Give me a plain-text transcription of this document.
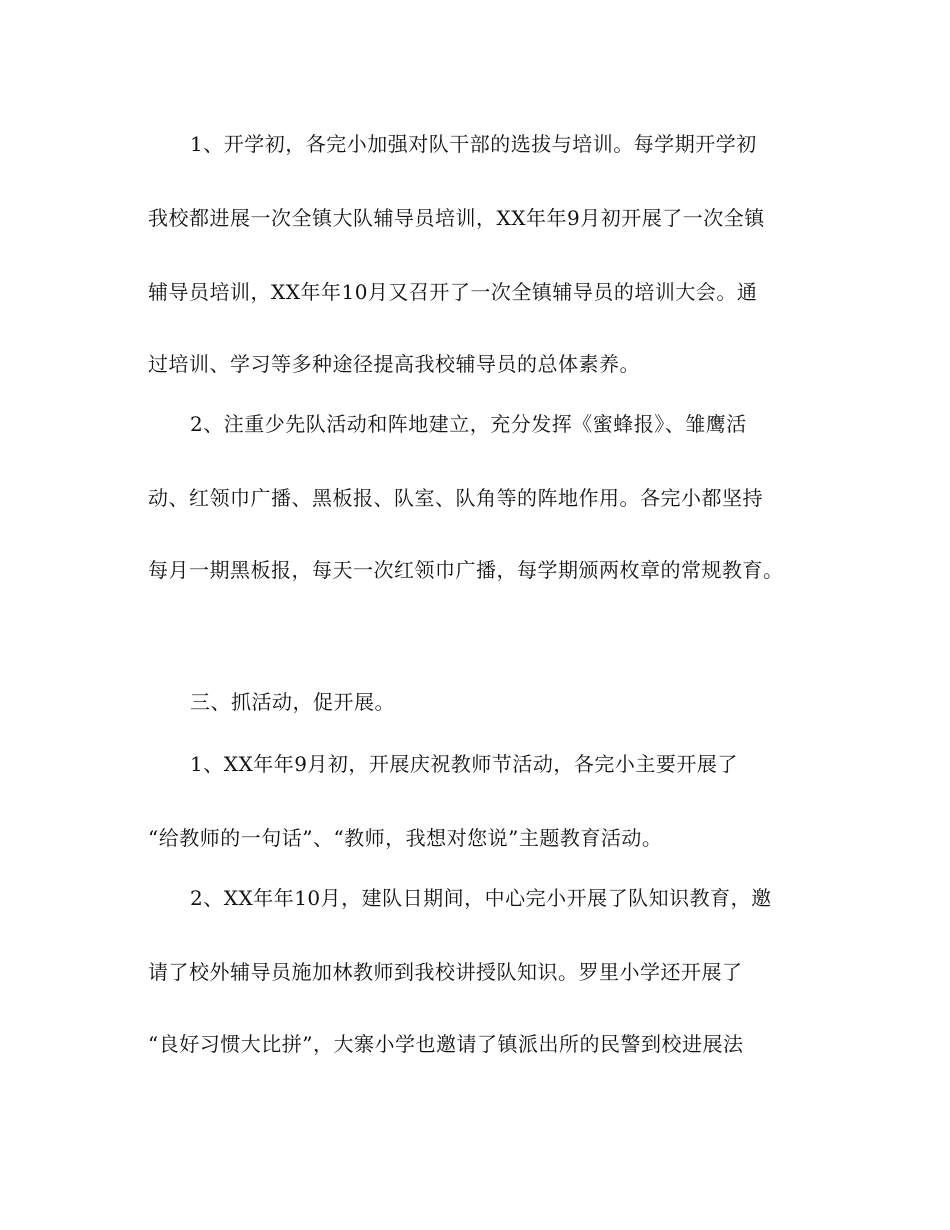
1、开学初，各完小加强对队干部的选拔与培训。每学期开学初
我校都进展一次全镇大队辅导员培训，XX年年9月初开展了一次全镇
辅导员培训，XX年年10月又召开了一次全镇辅导员的培训大会。通
过培训、学习等多种途径提高我校辅导员的总体素养。
2、注重少先队活动和阵地建立，充分发挥《蜜蜂报》、雏鹰活
动、红领巾广播、黑板报、队室、队角等的阵地作用。各完小都坚持
每月一期黑板报，每天一次红领巾广播，每学期颁两枚章的常规教育。
三、抓活动，促开展。
1、XX年年9月初，开展庆祝教师节活动，各完小主要开展了
“给教师的一句话”、“教师，我想对您说”主题教育活动。
2、XX年年10月，建队日期间，中心完小开展了队知识教育，邀
请了校外辅导员施加林教师到我校讲授队知识。罗里小学还开展了
“良好习惯大比拼”，大寨小学也邀请了镇派出所的民警到校进展法
